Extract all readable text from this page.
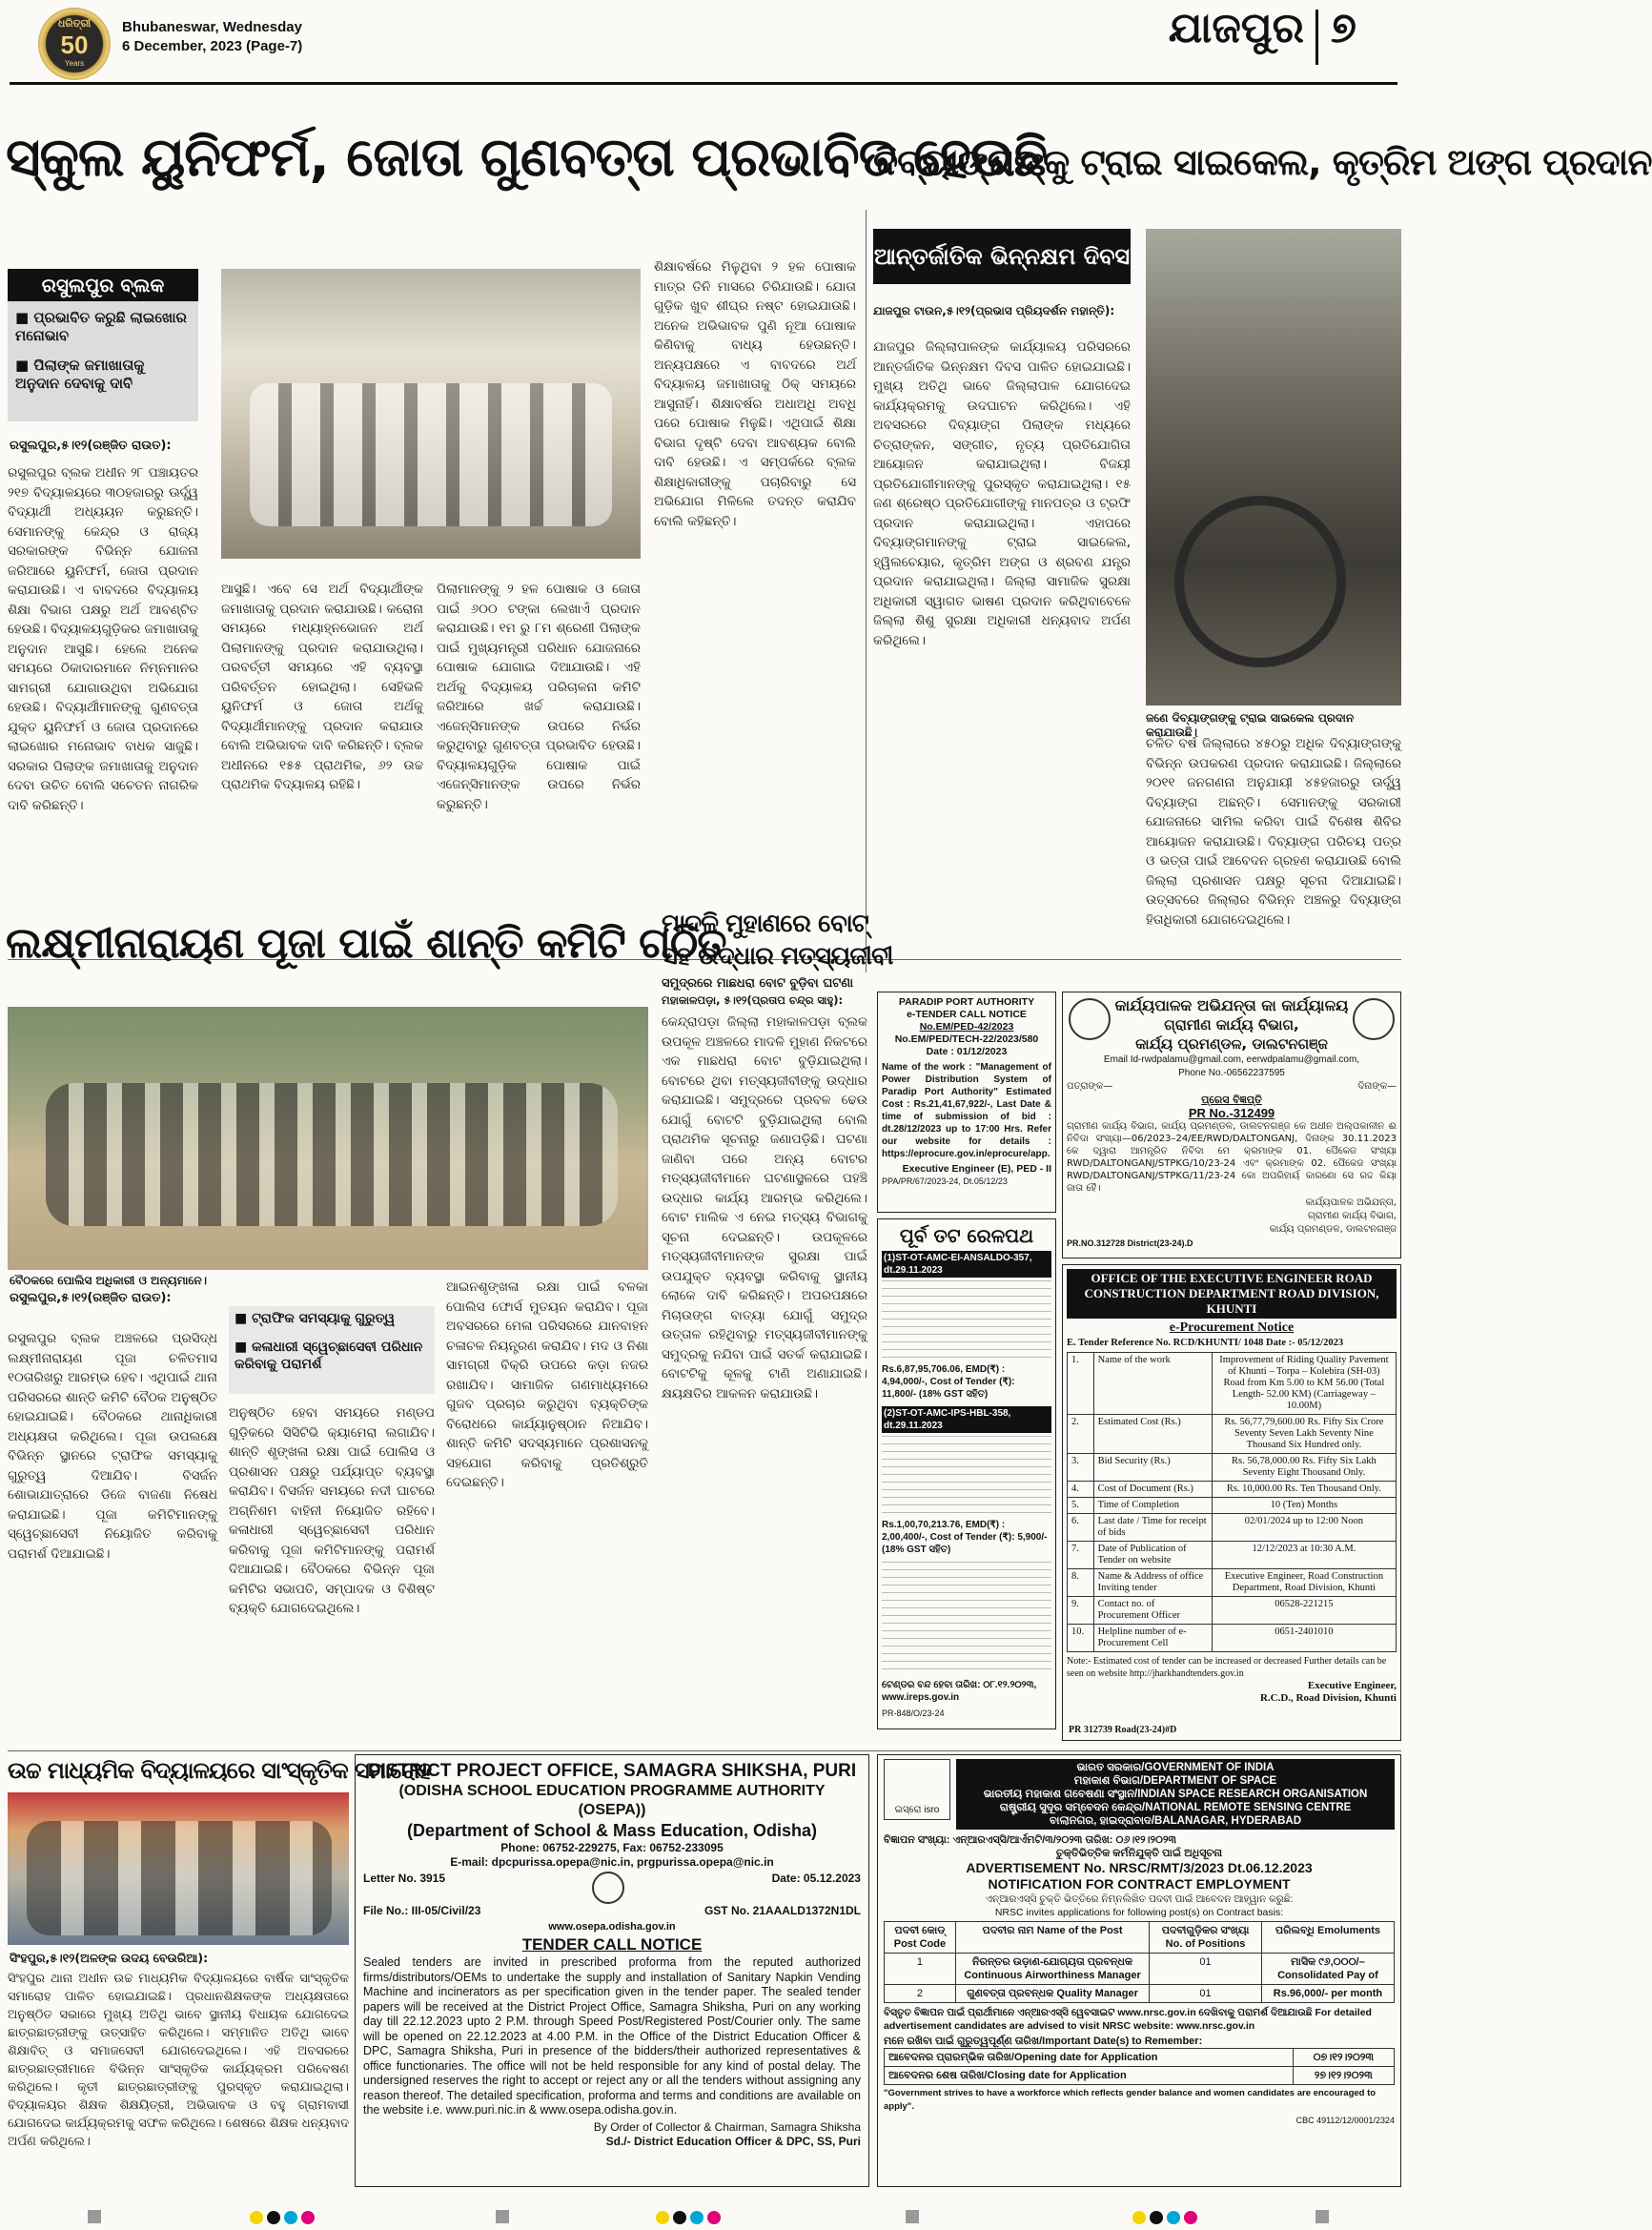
ଧରିତ୍ରୀ
50
Years
Bhubaneswar, Wednesday
6 December, 2023 (Page-7)	ଯାଜପୁର ୭
ସ୍କୁଲ ୟୁନିଫର୍ମ, ଜୋତା ଗୁଣବତ୍ତା ପ୍ରଭାବିତ ହେଉଛି
ରସୁଲପୁର ବ୍ଲକ
■ ପ୍ରଭାବିତ କରୁଛି ଲାଇଖୋର ମନୋଭାବ
■ ପିଲାଙ୍କ ଜମାଖାତାକୁ ଅନୁଦାନ ଦେବାକୁ ଦାବି
ରସୁଲପୁର,୫।୧୨(ରଞ୍ଜିତ ରାଉତ):
ରସୁଲପୁର ବ୍ଲକ ଅଧୀନ ୨୮ ପଞ୍ଚାୟତର ୨୧୭ ବିଦ୍ୟାଳୟରେ ୩୦ହଜାରରୁ ଊର୍ଦ୍ଧ୍ୱ ବିଦ୍ୟାର୍ଥୀ ଅଧ୍ୟୟନ କରୁଛନ୍ତି। ସେମାନଙ୍କୁ କେନ୍ଦ୍ର ଓ ରାଜ୍ୟ ସରକାରଙ୍କ ବିଭିନ୍ନ ଯୋଜନା ଜରିଆରେ ୟୁନିଫର୍ମ, ଜୋତା ପ୍ରଦାନ କରାଯାଉଛି। ଏ ବାବଦରେ ବିଦ୍ୟାଳୟ ଶିକ୍ଷା ବିଭାଗ ପକ୍ଷରୁ ଅର୍ଥ ଆବଣ୍ଟିତ ହେଉଛି। ବିଦ୍ୟାଳୟଗୁଡ଼ିକର ଜମାଖାତାକୁ ଅନୁଦାନ ଆସୁଛି। ହେଲେ ଅନେକ ସମୟରେ ଠିକାଦାରମାନେ ନିମ୍ନମାନର ସାମଗ୍ରୀ ଯୋଗାଉଥିବା ଅଭିଯୋଗ ହେଉଛି। ବିଦ୍ୟାର୍ଥୀମାନଙ୍କୁ ଗୁଣବତ୍ତା ଯୁକ୍ତ ୟୁନିଫର୍ମ ଓ ଜୋତା ପ୍ରଦାନରେ ଲାଇଖୋର ମନୋଭାବ ବାଧକ ସାଜୁଛି। ସରକାର ପିଲାଙ୍କ ଜମାଖାତାକୁ ଅନୁଦାନ ଦେବା ଉଚିତ ବୋଲି ସଚେତନ ନାଗରିକ ଦାବି କରିଛନ୍ତି।
ଆସୁଛି। ଏବେ ସେ ଅର୍ଥ ବିଦ୍ୟାର୍ଥୀଙ୍କ ଜମାଖାତାକୁ ପ୍ରଦାନ କରାଯାଉଛି। କରୋନା ସମୟରେ ମଧ୍ୟାହ୍ନଭୋଜନ ଅର୍ଥ ପିଲାମାନଙ୍କୁ ପ୍ରଦାନ କରାଯାଉଥିଲା। ପରବର୍ତ୍ତୀ ସମୟରେ ଏହି ବ୍ୟବସ୍ଥା ପରିବର୍ତ୍ତନ ହୋଇଥିଲା। ସେହିଭଳି ୟୁନିଫର୍ମ ଓ ଜୋତା ଅର୍ଥକୁ ବିଦ୍ୟାର୍ଥୀମାନଙ୍କୁ ପ୍ରଦାନ କରାଯାଉ ବୋଲି ଅଭିଭାବକ ଦାବି କରିଛନ୍ତି। ବ୍ଲକ ଅଧୀନରେ ୧୫୫ ପ୍ରାଥମିକ, ୬୨ ଉଚ୍ଚ ପ୍ରାଥମିକ ବିଦ୍ୟାଳୟ ରହିଛି।
ପିଲାମାନଙ୍କୁ ୨ ହଳ ପୋଷାକ ଓ ଜୋତା ପାଇଁ ୬୦୦ ଟଙ୍କା ଲେଖାଏଁ ପ୍ରଦାନ କରାଯାଉଛି। ୧ମ ରୁ ୮ମ ଶ୍ରେଣୀ ପିଲାଙ୍କ ପାଇଁ ମୁଖ୍ୟମନ୍ତ୍ରୀ ପରିଧାନ ଯୋଜନାରେ ପୋଷାକ ଯୋଗାଇ ଦିଆଯାଉଛି। ଏହି ଅର୍ଥକୁ ବିଦ୍ୟାଳୟ ପରିଚାଳନା କମିଟି ଜରିଆରେ ଖର୍ଚ୍ଚ କରାଯାଉଛି। ଏଜେନ୍ସିମାନଙ୍କ ଉପରେ ନିର୍ଭର କରୁଥିବାରୁ ଗୁଣବତ୍ତା ପ୍ରଭାବିତ ହେଉଛି। ବିଦ୍ୟାଳୟଗୁଡ଼ିକ ପୋଷାକ ପାଇଁ ଏଜେନ୍ସିମାନଙ୍କ ଉପରେ ନିର୍ଭର କରୁଛନ୍ତି।
ଶିକ୍ଷାବର୍ଷରେ ମିଳୁଥିବା ୨ ହଳ ପୋଷାକ ମାତ୍ର ତିନି ମାସରେ ଚିରିଯାଉଛି। ଯୋତା ଗୁଡ଼ିକ ଖୁବ ଶୀଘ୍ର ନଷ୍ଟ ହୋଇଯାଉଛି। ଅନେକ ଅଭିଭାବକ ପୁଣି ନୂଆ ପୋଷାକ କିଣିବାକୁ ବାଧ୍ୟ ହେଉଛନ୍ତି। ଅନ୍ୟପକ୍ଷରେ ଏ ବାବଦରେ ଅର୍ଥ ବିଦ୍ୟାଳୟ ଜମାଖାତାକୁ ଠିକ୍ ସମୟରେ ଆସୁନାହିଁ। ଶିକ୍ଷାବର୍ଷର ଅଧାଅଧି ଅବଧି ପରେ ପୋଷାକ ମିଳୁଛି। ଏଥିପାଇଁ ଶିକ୍ଷା ବିଭାଗ ଦୃଷ୍ଟି ଦେବା ଆବଶ୍ୟକ ବୋଲି ଦାବି ହେଉଛି। ଏ ସମ୍ପର୍କରେ ବ୍ଲକ ଶିକ୍ଷାଧିକାରୀଙ୍କୁ ପଚାରିବାରୁ ସେ ଅଭିଯୋଗ ମିଳିଲେ ତଦନ୍ତ କରାଯିବ ବୋଲି କହିଛନ୍ତି।
ଦିବ୍ୟାଙ୍ଗଙ୍କୁ ଟ୍ରାଇ ସାଇକେଲ, କୃତ୍ରିମ ଅଙ୍ଗ ପ୍ରଦାନ
ଆନ୍ତର୍ଜାତିକ ଭିନ୍ନକ୍ଷମ ଦିବସ
ଯାଜପୁର ଟାଉନ,୫।୧୨(ପ୍ରଭାସ ପ୍ରିୟଦର୍ଶନ ମହାନ୍ତି):
ଯାଜପୁର ଜିଲ୍ଲାପାଳଙ୍କ କାର୍ଯ୍ୟାଳୟ ପରିସରରେ ଆନ୍ତର୍ଜାତିକ ଭିନ୍ନକ୍ଷମ ଦିବସ ପାଳିତ ହୋଇଯାଇଛି। ମୁଖ୍ୟ ଅତିଥି ଭାବେ ଜିଲ୍ଲାପାଳ ଯୋଗଦେଇ କାର୍ଯ୍ୟକ୍ରମକୁ ଉଦଘାଟନ କରିଥିଲେ। ଏହି ଅବସରରେ ଦିବ୍ୟାଙ୍ଗ ପିଲାଙ୍କ ମଧ୍ୟରେ ଚିତ୍ରାଙ୍କନ, ସଙ୍ଗୀତ, ନୃତ୍ୟ ପ୍ରତିଯୋଗିତା ଆୟୋଜନ କରାଯାଇଥିଲା। ବିଜୟୀ ପ୍ରତିଯୋଗୀମାନଙ୍କୁ ପୁରସ୍କୃତ କରାଯାଇଥିଲା। ୧୫ ଜଣ ଶ୍ରେଷ୍ଠ ପ୍ରତିଯୋଗୀଙ୍କୁ ମାନପତ୍ର ଓ ଟ୍ରଫି ପ୍ରଦାନ କରାଯାଇଥିଲା। ଏହାପରେ ଦିବ୍ୟାଙ୍ଗମାନଙ୍କୁ ଟ୍ରାଇ ସାଇକେଲ, ହ୍ୱିଲଚେୟାର, କୃତ୍ରିମ ଅଙ୍ଗ ଓ ଶ୍ରବଣ ଯନ୍ତ୍ର ପ୍ରଦାନ କରାଯାଇଥିଲା। ଜିଲ୍ଲା ସାମାଜିକ ସୁରକ୍ଷା ଅଧିକାରୀ ସ୍ୱାଗତ ଭାଷଣ ପ୍ରଦାନ କରିଥିବାବେଳେ ଜିଲ୍ଲା ଶିଶୁ ସୁରକ୍ଷା ଅଧିକାରୀ ଧନ୍ୟବାଦ ଅର୍ପଣ କରିଥିଲେ।
ଜଣେ ଦିବ୍ୟାଙ୍ଗଙ୍କୁ ଟ୍ରାଇ ସାଇକେଲ ପ୍ରଦାନ କରାଯାଉଛି।
ଚଳିତ ବର୍ଷ ଜିଲ୍ଲାରେ ୪୫୦ରୁ ଅଧିକ ଦିବ୍ୟାଙ୍ଗଙ୍କୁ ବିଭିନ୍ନ ଉପକରଣ ପ୍ରଦାନ କରାଯାଇଛି। ଜିଲ୍ଲାରେ ୨୦୧୧ ଜନଗଣନା ଅନୁଯାୟୀ ୪୫ହଜାରରୁ ଊର୍ଦ୍ଧ୍ୱ ଦିବ୍ୟାଙ୍ଗ ଅଛନ୍ତି। ସେମାନଙ୍କୁ ସରକାରୀ ଯୋଜନାରେ ସାମିଲ କରିବା ପାଇଁ ବିଶେଷ ଶିବିର ଆୟୋଜନ କରାଯାଉଛି। ଦିବ୍ୟାଙ୍ଗ ପରିଚୟ ପତ୍ର ଓ ଭତ୍ତା ପାଇଁ ଆବେଦନ ଗ୍ରହଣ କରାଯାଉଛି ବୋଲି ଜିଲ୍ଲା ପ୍ରଶାସନ ପକ୍ଷରୁ ସୂଚନା ଦିଆଯାଇଛି। ଉତ୍ସବରେ ଜିଲ୍ଲାର ବିଭିନ୍ନ ଅଞ୍ଚଳରୁ ଦିବ୍ୟାଙ୍ଗ ହିତାଧିକାରୀ ଯୋଗଦେଇଥିଲେ।
ଲକ୍ଷ୍ମୀନାରାୟଣ ପୂଜା ପାଇଁ ଶାନ୍ତି କମିଟି ଗଠିତ
ବୈଠକରେ ପୋଲିସ ଅଧିକାରୀ ଓ ଅନ୍ୟମାନେ।
ରସୁଲପୁର,୫।୧୨(ରଞ୍ଜିତ ରାଉତ):
ରସୁଲପୁର ବ୍ଲକ ଅଞ୍ଚଳରେ ପ୍ରସିଦ୍ଧ ଲକ୍ଷ୍ମୀନାରାୟଣ ପୂଜା ଚଳିତମାସ ୧୦ତାରିଖରୁ ଆରମ୍ଭ ହେବ। ଏଥିପାଇଁ ଥାନା ପରିସରରେ ଶାନ୍ତି କମିଟି ବୈଠକ ଅନୁଷ୍ଠିତ ହୋଇଯାଇଛି। ବୈଠକରେ ଥାନାଧିକାରୀ ଅଧ୍ୟକ୍ଷତା କରିଥିଲେ। ପୂଜା ଉପଲକ୍ଷେ ବିଭିନ୍ନ ସ୍ଥାନରେ ଟ୍ରାଫିକ ସମସ୍ୟାକୁ ଗୁରୁତ୍ୱ ଦିଆଯିବ। ବିସର୍ଜନ ଶୋଭାଯାତ୍ରାରେ ଡିଜେ ବାଜଣା ନିଷେଧ କରାଯାଇଛି। ପୂଜା କମିଟିମାନଙ୍କୁ ସ୍ୱେଚ୍ଛାସେବୀ ନିୟୋଜିତ କରିବାକୁ ପରାମର୍ଶ ଦିଆଯାଇଛି।
■ ଟ୍ରାଫିକ ସମସ୍ୟାକୁ ଗୁରୁତ୍ୱ
■ କଳାଧାରୀ ସ୍ୱେଚ୍ଛାସେବୀ ପରିଧାନ କରିବାକୁ ପରାମର୍ଶ
ଅନୁଷ୍ଠିତ ହେବା ସମୟରେ ମଣ୍ଡପ ଗୁଡ଼ିକରେ ସିସିଟିଭି କ୍ୟାମେରା ଲଗାଯିବ। ଶାନ୍ତି ଶୃଙ୍ଖଳା ରକ୍ଷା ପାଇଁ ପୋଲିସ ଓ ପ୍ରଶାସନ ପକ୍ଷରୁ ପର୍ଯ୍ୟାପ୍ତ ବ୍ୟବସ୍ଥା କରାଯିବ। ବିସର୍ଜନ ସମୟରେ ନଦୀ ଘାଟରେ ଅଗ୍ନିଶମ ବାହିନୀ ନିୟୋଜିତ ରହିବେ। କଳାଧାରୀ ସ୍ୱେଚ୍ଛାସେବୀ ପରିଧାନ କରିବାକୁ ପୂଜା କମିଟିମାନଙ୍କୁ ପରାମର୍ଶ ଦିଆଯାଇଛି। ବୈଠକରେ ବିଭିନ୍ନ ପୂଜା କମିଟିର ସଭାପତି, ସମ୍ପାଦକ ଓ ବିଶିଷ୍ଟ ବ୍ୟକ୍ତି ଯୋଗଦେଇଥିଲେ।
ଆଇନଶୃଙ୍ଖଳା ରକ୍ଷା ପାଇଁ ବଳକା ପୋଲିସ ଫୋର୍ସ ମୁତୟନ କରାଯିବ। ପୂଜା ଅବସରରେ ମେଳା ପରିସରରେ ଯାନବାହନ ଚଳାଚଳ ନିୟନ୍ତ୍ରଣ କରାଯିବ। ମଦ ଓ ନିଶା ସାମଗ୍ରୀ ବିକ୍ରି ଉପରେ କଡ଼ା ନଜର ରଖାଯିବ। ସାମାଜିକ ଗଣମାଧ୍ୟମରେ ଗୁଜବ ପ୍ରଚାର କରୁଥିବା ବ୍ୟକ୍ତିଙ୍କ ବିରୋଧରେ କାର୍ଯ୍ୟାନୁଷ୍ଠାନ ନିଆଯିବ। ଶାନ୍ତି କମିଟି ସଦସ୍ୟମାନେ ପ୍ରଶାସନକୁ ସହଯୋଗ କରିବାକୁ ପ୍ରତିଶ୍ରୁତି ଦେଇଛନ୍ତି।
ମାଦଳି ମୁହାଣରେ ବୋଟ୍
ସହ ଉଦ୍ଧାର ମତ୍ସ୍ୟଜୀବୀ
ସମୁଦ୍ରରେ ମାଛଧରା ବୋଟ ବୁଡ଼ିବା ଘଟଣା
ମହାକାଳପଡ଼ା, ୫।୧୨(ପ୍ରତାପ ଚନ୍ଦ୍ର ସାହୁ):
କେନ୍ଦ୍ରାପଡ଼ା ଜିଲ୍ଲା ମହାକାଳପଡ଼ା ବ୍ଲକ ଉପକୂଳ ଅଞ୍ଚଳରେ ମାଦଳି ମୁହାଣ ନିକଟରେ ଏକ ମାଛଧରା ବୋଟ ବୁଡ଼ିଯାଇଥିଲା। ବୋଟରେ ଥିବା ମତ୍ସ୍ୟଜୀବୀଙ୍କୁ ଉଦ୍ଧାର କରାଯାଇଛି। ସମୁଦ୍ରରେ ପ୍ରବଳ ଢେଉ ଯୋଗୁଁ ବୋଟଟି ବୁଡ଼ିଯାଇଥିଲା ବୋଲି ପ୍ରାଥମିକ ସୂଚନାରୁ ଜଣାପଡ଼ିଛି। ଘଟଣା ଜାଣିବା ପରେ ଅନ୍ୟ ବୋଟର ମତ୍ସ୍ୟଜୀବୀମାନେ ଘଟଣାସ୍ଥଳରେ ପହଞ୍ଚି ଉଦ୍ଧାର କାର୍ଯ୍ୟ ଆରମ୍ଭ କରିଥିଲେ। ବୋଟ ମାଲିକ ଏ ନେଇ ମତ୍ସ୍ୟ ବିଭାଗକୁ ସୂଚନା ଦେଇଛନ୍ତି। ଉପକୂଳରେ ମତ୍ସ୍ୟଜୀବୀମାନଙ୍କ ସୁରକ୍ଷା ପାଇଁ ଉପଯୁକ୍ତ ବ୍ୟବସ୍ଥା କରିବାକୁ ସ୍ଥାନୀୟ ଲୋକେ ଦାବି କରିଛନ୍ତି। ଅପରପକ୍ଷରେ ମିଚାଉଙ୍ଗ ବାତ୍ୟା ଯୋଗୁଁ ସମୁଦ୍ର ଉତ୍ତାଳ ରହିଥିବାରୁ ମତ୍ସ୍ୟଜୀବୀମାନଙ୍କୁ ସମୁଦ୍ରକୁ ନଯିବା ପାଇଁ ସତର୍କ କରାଯାଇଛି। ବୋଟଟିକୁ କୂଳକୁ ଟାଣି ଅଣାଯାଇଛି। କ୍ଷୟକ୍ଷତିର ଆକଳନ କରାଯାଉଛି।
PARADIP PORT AUTHORITY
e-TENDER CALL NOTICE
No.EM/PED-42/2023
No.EM/PED/TECH-22/2023/580
Date : 01/12/2023
Name of the work : "Management of Power Distribution System of Paradip Port Authority" Estimated Cost : Rs.21,41,67,922/-, Last Date & time of submission of bid : dt.28/12/2023 up to 17:00 Hrs. Refer our website for details : https://eprocure.gov.in/eprocure/app.
Executive Engineer (E), PED - II
PPA/PR/67/2023-24, Dt.05/12/23
ପୂର୍ବ ତଟ ରେଳପଥ
(1)ST-OT-AMC-EI-ANSALDO-357, dt.29.11.2023
Rs.6,87,95,706.06, EMD(₹) : 4,94,000/-, Cost of Tender (₹): 11,800/- (18% GST ସହିତ)
(2)ST-OT-AMC-IPS-HBL-358, dt.29.11.2023
Rs.1,00,70,213.76, EMD(₹) : 2,00,400/-, Cost of Tender (₹): 5,900/- (18% GST ସହିତ)
ଟେଣ୍ଡର ବନ୍ଦ ହେବା ତାରିଖ: ୦୮.୧୨.୨୦୨୩, www.ireps.gov.in
PR-848/O/23-24
କାର୍ଯ୍ୟପାଳକ ଅଭିଯନ୍ତା କା କାର୍ଯ୍ୟାଳୟ
ଗ୍ରାମୀଣ କାର୍ଯ୍ୟ ବିଭାଗ,
କାର୍ଯ୍ୟ ପ୍ରମଣ୍ଡଳ, ଡାଲଟନଗଞ୍ଜ
Email Id-rwdpalamu@gmail.com, eerwdpalamu@gmail.com,
Phone No.-06562237595
ପତ୍ରାଙ୍କ—	ଦିନାଙ୍କ—
ପ୍ରେସ ବିଜ୍ଞପ୍ତି
PR No.-312499
ଗ୍ରାମୀଣ କାର୍ଯ୍ୟ ବିଭାଗ, କାର୍ଯ୍ୟ ପ୍ରମଣ୍ଡଳ, ଡାଲଟନଗଞ୍ଜ କେ ଅଧୀନ ଅଲ୍ପକାଳୀନ ଈ ନିବିଦା ସଂଖ୍ୟା—06/2023–24/EE/RWD/DALTONGANJ, ଦିନାଙ୍କ 30.11.2023 କେ ଦ୍ୱାରା ଆମନ୍ତ୍ରିତ ନିବିଦା ମେ କ୍ରମାଙ୍କ 01. ପୈକେଜ ସଂଖ୍ୟା RWD/DALTONGANJ/STPKG/10/23-24 ଏବଂ କ୍ରମାଙ୍କ 02. ପୈକେଜ ସଂଖ୍ୟା RWD/DALTONGANJ/STPKG/11/23-24 କୋ ଅପରିହାର୍ୟ କାରଣୋ ସେ ରଦ୍ଦ କିୟା ଜାତା ହୈ।
କାର୍ଯ୍ୟପାଳକ ଅଭିଯନ୍ତା,
ଗ୍ରାମୀଣ କାର୍ଯ୍ୟ ବିଭାଗ,
କାର୍ଯ୍ୟ ପ୍ରମଣ୍ଡଳ, ଡାଲଟନଗଞ୍ଜ
PR.NO.312728 District(23-24).D
OFFICE OF THE EXECUTIVE ENGINEER ROAD CONSTRUCTION DEPARTMENT ROAD DIVISION, KHUNTI
e-Procurement Notice
E. Tender Reference No. RCD/KHUNTI/ 1048 Date :- 05/12/2023
1.	Name of the work	Improvement of Riding Quality Pavement of Khunti – Torpa – Kolebira (SH-03) Road from Km 5.00 to KM 56.00 (Total Length- 52.00 KM) (Carriageway – 10.00M)
2.	Estimated Cost (Rs.)	Rs. 56,77,79,600.00 Rs. Fifty Six Crore Seventy Seven Lakh Seventy Nine Thousand Six Hundred only.
3.	Bid Security (Rs.)	Rs. 56,78,000.00 Rs. Fifty Six Lakh Seventy Eight Thousand Only.
4.	Cost of Document (Rs.)	Rs. 10,000.00 Rs. Ten Thousand Only.
5.	Time of Completion	10 (Ten) Months
6.	Last date / Time for receipt of bids	02/01/2024 up to 12:00 Noon
7.	Date of Publication of Tender on website	12/12/2023 at 10:30 A.M.
8.	Name & Address of office Inviting tender	Executive Engineer, Road Construction Department, Road Division, Khunti
9.	Contact no. of Procurement Officer	06528-221215
10.	Helpline number of e-Procurement Cell	0651-2401010
Note:- Estimated cost of tender can be increased or decreased Further details can be seen on website http://jharkhandtenders.gov.in
Executive Engineer,
R.C.D., Road Division, Khunti
PR 312739 Road(23-24)#D
ଉଚ୍ଚ ମାଧ୍ୟମିକ ବିଦ୍ୟାଳୟରେ ସାଂସ୍କୃତିକ ସମାରୋହ
ସିଂହପୁର,୫।୧୨(ଅଳଙ୍କ ଉଦୟ ବେଉରିଆ):
ସିଂହପୁର ଥାନା ଅଧୀନ ଉଚ୍ଚ ମାଧ୍ୟମିକ ବିଦ୍ୟାଳୟରେ ବାର୍ଷିକ ସାଂସ୍କୃତିକ ସମାରୋହ ପାଳିତ ହୋଇଯାଇଛି। ପ୍ରଧାନଶିକ୍ଷକଙ୍କ ଅଧ୍ୟକ୍ଷତାରେ ଅନୁଷ୍ଠିତ ସଭାରେ ମୁଖ୍ୟ ଅତିଥି ଭାବେ ସ୍ଥାନୀୟ ବିଧାୟକ ଯୋଗଦେଇ ଛାତ୍ରଛାତ୍ରୀଙ୍କୁ ଉତ୍ସାହିତ କରିଥିଲେ। ସମ୍ମାନିତ ଅତିଥି ଭାବେ ଶିକ୍ଷାବିତ୍ ଓ ସମାଜସେବୀ ଯୋଗଦେଇଥିଲେ। ଏହି ଅବସରରେ ଛାତ୍ରଛାତ୍ରୀମାନେ ବିଭିନ୍ନ ସାଂସ୍କୃତିକ କାର୍ଯ୍ୟକ୍ରମ ପରିବେଷଣ କରିଥିଲେ। କୃତୀ ଛାତ୍ରଛାତ୍ରୀଙ୍କୁ ପୁରସ୍କୃତ କରାଯାଇଥିଲା। ବିଦ୍ୟାଳୟର ଶିକ୍ଷକ ଶିକ୍ଷୟିତ୍ରୀ, ଅଭିଭାବକ ଓ ବହୁ ଗ୍ରାମବାସୀ ଯୋଗଦେଇ କାର୍ଯ୍ୟକ୍ରମକୁ ସଫଳ କରିଥିଲେ। ଶେଷରେ ଶିକ୍ଷକ ଧନ୍ୟବାଦ ଅର୍ପଣ କରିଥିଲେ।
DISTRICT PROJECT OFFICE, SAMAGRA SHIKSHA, PURI
(ODISHA SCHOOL EDUCATION PROGRAMME AUTHORITY (OSEPA))
(Department of School & Mass Education, Odisha)
Phone: 06752-229275, Fax: 06752-233095
E-mail: dpcpurissa.opepa@nic.in, prgpurissa.opepa@nic.in
Letter No. 3915	Date: 05.12.2023
File No.: III-05/Civil/23	GST No. 21AAALD1372N1DL
www.osepa.odisha.gov.in
TENDER CALL NOTICE
Sealed tenders are invited in prescribed proforma from the reputed authorized firms/distributors/OEMs to undertake the supply and installation of Sanitary Napkin Vending Machine and incinerators as per specification given in the tender paper. The sealed tender papers will be received at the District Project Office, Samagra Shiksha, Puri on any working day till 22.12.2023 upto 2 P.M. through Speed Post/Registered Post/Courier only. The same will be opened on 22.12.2023 at 4.00 P.M. in the Office of the District Education Officer & DPC, Samagra Shiksha, Puri in presence of the bidders/their authorized representatives & office functionaries. The office will not be held responsible for any kind of postal delay. The undersigned reserves the right to accept or reject any or all the tenders without assigning any reason thereof. The detailed specification, proforma and terms and conditions are available on the website i.e. www.puri.nic.in & www.osepa.odisha.gov.in.
By Order of Collector & Chairman, Samagra Shiksha
Sd./- District Education Officer & DPC, SS, Puri
ଇସ୍ରୋ isro
ଭାରତ ସରକାର/GOVERNMENT OF INDIA
ମହାକାଶ ବିଭାଗ/DEPARTMENT OF SPACE
ଭାରତୀୟ ମହାକାଶ ଗବେଷଣା ସଂସ୍ଥାନ/INDIAN SPACE RESEARCH ORGANISATION
ରାଷ୍ଟ୍ରୀୟ ସୁଦୂର ସମ୍ବେଦନ କେନ୍ଦ୍ର/NATIONAL REMOTE SENSING CENTRE
ବାଲାନଗର, ହାଇଦ୍ରାବାଦ/BALANAGAR, HYDERABAD
ବିଜ୍ଞାପନ ସଂଖ୍ୟା: ଏନ୍ଆରଏସ୍‌ସି/ଆର୍ଏମଟି/୩/୨୦୨୩ ତାରିଖ: ୦୬।୧୨।୨୦୨୩
ଚୁକ୍ତିଭିତ୍ତିକ କର୍ମନିଯୁକ୍ତି ପାଇଁ ଅଧିସୂଚନା
ADVERTISEMENT No. NRSC/RMT/3/2023 Dt.06.12.2023
NOTIFICATION FOR CONTRACT EMPLOYMENT
ଏନ୍ଆରଏସ୍‌ସି ଚୁକ୍ତି ଭିତ୍ତିରେ ନିମ୍ନଲିଖିତ ପଦବୀ ପାଇଁ ଆବେଦନ ଆହ୍ୱାନ କରୁଛି:
NRSC invites applications for following post(s) on Contract basis:
ପଦବୀ କୋଡ୍ Post Code	ପଦବୀର ନାମ Name of the Post	ପଦବୀଗୁଡ଼ିକର ସଂଖ୍ୟା No. of Positions	ପରିଲବ୍ଧି Emoluments
1	ନିରନ୍ତର ଉଡ଼ାଣ-ଯୋଗ୍ୟତା ପ୍ରବନ୍ଧକ Continuous Airworthiness Manager	01	ମାସିକ ୯୬,୦୦୦/– Consolidated Pay of
2	ଗୁଣବତ୍ତା ପ୍ରବନ୍ଧକ Quality Manager	01	Rs.96,000/- per month
ବିସ୍ତୃତ ବିଜ୍ଞାପନ ପାଇଁ ପ୍ରାର୍ଥୀମାନେ ଏନ୍ଆରଏସ୍‌ସି ୱେବସାଇଟ www.nrsc.gov.in ଦେଖିବାକୁ ପରାମର୍ଶ ଦିଆଯାଉଛି For detailed advertisement candidates are advised to visit NRSC website: www.nrsc.gov.in
ମନେ ରଖିବା ପାଇଁ ଗୁରୁତ୍ୱପୂର୍ଣ୍ଣ ତାରିଖ/Important Date(s) to Remember:
ଆବେଦନର ପ୍ରାରମ୍ଭିକ ତାରିଖ/Opening date for Application	୦୭।୧୨।୨୦୨୩
ଆବେଦନର ଶେଷ ତାରିଖ/Closing date for Application	୨୭।୧୨।୨୦୨୩
"Government strives to have a workforce which reflects gender balance and women candidates are encouraged to apply".
CBC 49112/12/0001/2324
